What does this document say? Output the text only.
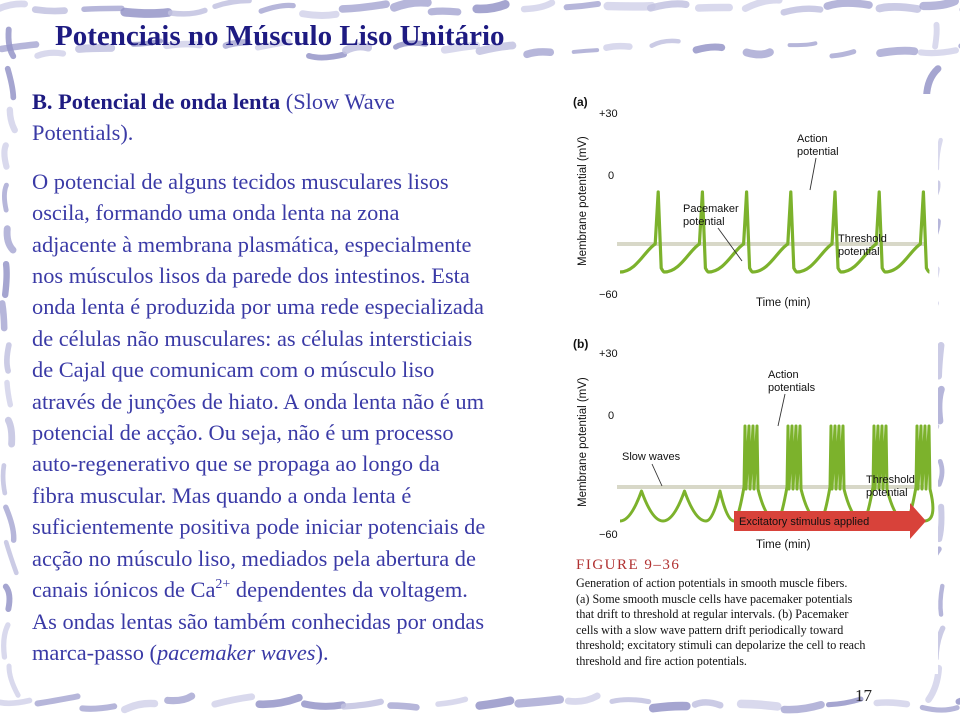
Potenciais no Músculo Liso Unitário
B. Potencial de onda lenta (Slow Wave
Potentials).
O potencial de alguns tecidos musculares lisos
oscila, formando uma onda lenta na zona
adjacente à membrana plasmática, especialmente
nos músculos lisos da parede dos intestinos. Esta
onda lenta é produzida por uma rede especializada
de células não musculares: as células intersticiais
de Cajal que comunicam com o músculo liso
através de junções de hiato. A onda lenta não é um
potencial de acção. Ou seja, não é um processo
auto-regenerativo que se propaga ao longo da
fibra muscular. Mas quando a onda lenta é
suficientemente positiva pode iniciar potenciais de
acção no músculo liso, mediados pela abertura de
canais iónicos de $Ca^{2+}$ dependentes da voltagem.
As ondas lentas são também conhecidas por ondas
marca-passo (pacemaker waves).
(a)
+30
0
−60
Membrane potential (mV)	Action
potential
Pacemaker
potential
Threshold
potential
Time (min)
(b)
+30
0
−60
Membrane potential (mV)
Action
potentials
Slow waves
Threshold
potential
Excitatory stimulus applied
Time (min)
FIGURE 9–36
Generation of action potentials in smooth muscle fibers.
(a) Some smooth muscle cells have pacemaker potentials
that drift to threshold at regular intervals. (b) Pacemaker
cells with a slow wave pattern drift periodically toward
threshold; excitatory stimuli can depolarize the cell to reach
threshold and fire action potentials.
17
